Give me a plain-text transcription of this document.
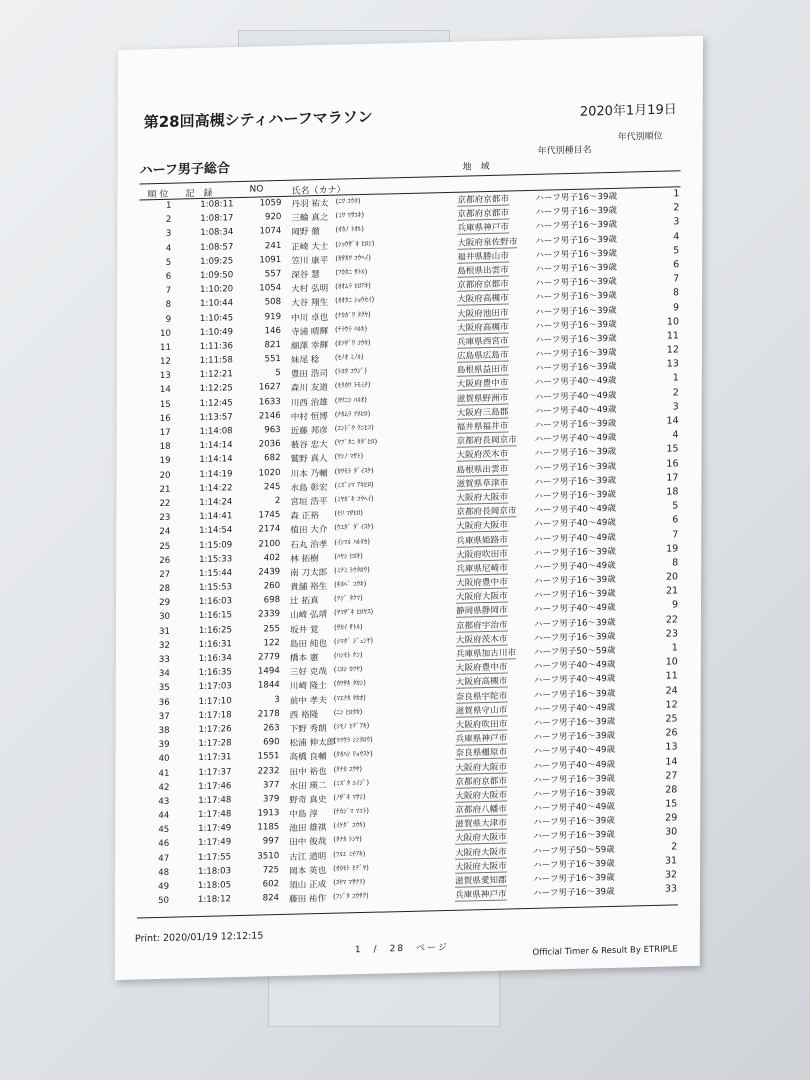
第28回高槻シティハーフマラソン	2020年1月19日
ハーフ男子総合	地　域
年代別種目名
年代別順位
順 位 記　録	NO	氏名（カナ）
1	1:08:11	1059 丹羽 祐太 (ﾆﾜ ﾕｳﾀ)	京都府京都市	ハーフ男子16～39歳	1
2	1:08:17	920 三輪 真之 (ﾐﾜ ﾏｻﾕｷ)	京都府京都市	ハーフ男子16～39歳	2
3	1:08:34	1074 岡野 徹 (ｵｶﾉ ﾄｵﾙ)	兵庫県神戸市	ハーフ男子16～39歳	3
4	1:08:57	241 正崎 大士 (ｼｮｳｻﾞｷ ﾋﾛｼ)	大阪府泉佐野市 ハーフ男子16～39歳	4
5	1:09:25	1091 笠川 康平 (ｶｻｶﾜ ｺｳﾍｲ)	福井県勝山市	ハーフ男子16～39歳	5
6	1:09:50	557 深谷 慧 (ﾌｶﾀﾆ ｻﾄﾙ)	島根県出雲市	ハーフ男子16～39歳	6
7	1:10:20	1054 大村 弘明 (ｵｵﾑﾗ ﾋﾛｱｷ)	京都府京都市	ハーフ男子16～39歳	7
8	1:10:44	508 大谷 翔生 (ｵｵﾀﾆ ｼｮｳｾｲ)	大阪府高槻市	ハーフ男子16～39歳	8
9	1:10:45	919 中川 卓也 (ﾅｶｶﾞﾜ ﾀｸﾔ)	大阪府池田市	ハーフ男子16～39歳	9
10	1:10:49	146 寺浦 晴輝 (ﾃﾗｳﾗ ﾊﾙｷ)	大阪府高槻市	ハーフ男子16～39歳	10
11	1:11:36	821 細澤 幸輝 (ﾎｿｻﾞﾜ ｺｳｷ)	兵庫県西宮市	ハーフ男子16～39歳	11
12	1:11:58	551 妹尾 稔 (ｾﾉｵ ﾐﾉﾙ)	広島県広島市	ハーフ男子16～39歳	12
13	1:12:21	5 豊田 浩司 (ﾄﾖﾀ ｺｳｼﾞ)	島根県益田市	ハーフ男子16～39歳	13
14	1:12:25	1627 森川 友道 (ﾓﾘｶﾜ ﾄﾓﾐﾁ)	大阪府豊中市	ハーフ男子40～49歳	1
15	1:12:45	1633 川西 治雄 (ｶﾜﾆｼ ﾊﾙｵ)	滋賀県野洲市	ハーフ男子40～49歳	2
16	1:13:57	2146 中村 恒博 (ﾅｶﾑﾗ ﾂﾈﾋﾛ)	大阪府三島郡	ハーフ男子40～49歳	3
17	1:14:08	963 近藤 邦彦 (ｺﾝﾄﾞｳ ｸﾆﾋｺ)	福井県福井市	ハーフ男子16～39歳	14
18	1:14:14	2036 薮谷 忠大 (ﾔﾌﾞﾀﾆ ﾀﾀﾞﾋﾛ)	京都府長岡京市 ハーフ男子40～49歳	4
19	1:14:14	682 鷲野 真人 (ﾜｼﾉ ﾏｻﾄ)	大阪府茨木市	ハーフ男子16～39歳	15
20	1:14:19	1020 川本 乃輔 (ｶﾜﾓﾄ ﾀﾞｲｽｹ)	島根県出雲市	ハーフ男子16～39歳	16
21	1:14:22	245 水島 彰宏 (ﾐｽﾞｼﾏ ｱｷﾋﾛ)	滋賀県草津市	ハーフ男子16～39歳	17
22	1:14:24	2 宮垣 浩平 (ﾐﾔｶﾞｷ ｺｳﾍｲ)	大阪府大阪市	ハーフ男子16～39歳	18
23	1:14:41	1745 森 正裕 (ﾓﾘ ﾏｻﾋﾛ)	京都府長岡京市 ハーフ男子40～49歳	5
24	1:14:54	2174 植田 大介 (ｳｴﾀﾞ ﾀﾞｲｽｹ)	大阪府大阪市	ハーフ男子40～49歳	6
25	1:15:09	2100 石丸 治孝 (ｲｼﾏﾙ ﾊﾙﾀｶ)	兵庫県姫路市	ハーフ男子40～49歳	7
26	1:15:33	402 林 拓樹 (ﾊﾔｼ ﾋﾛｷ)	大阪府吹田市	ハーフ男子16～39歳	19
27	1:15:44	2439 南 刀太郎 (ﾐﾅﾐ ﾄｳﾀﾛｳ)	兵庫県尼崎市	ハーフ男子40～49歳	8
28	1:15:53	260 貴舗 裕生 (ｷﾎﾍﾞ ﾕｳｷ)	大阪府豊中市	ハーフ男子16～39歳	20
29	1:16:03	698 辻 拓真 (ﾂｼﾞ ﾀｸﾏ)	大阪府大阪市	ハーフ男子16～39歳	21
30	1:16:15	2339 山崎 弘靖 (ﾔﾏｻﾞｷ ﾋﾛﾔｽ)	静岡県静岡市	ハーフ男子40～49歳	9
31	1:16:25	255 坂井 覚 (ｻｶｲ ｻﾄﾙ)	京都府宇治市	ハーフ男子16～39歳	22
32	1:16:31	122 島田 純也 (ｼﾏﾀﾞ ｼﾞｭﾝﾔ)	大阪府茨木市	ハーフ男子16～39歳	23
33	1:16:34	2779 橋本 憲 (ﾊｼﾓﾄ ｹﾝ)	兵庫県加古川市 ハーフ男子50～59歳	1
34	1:16:35	1494 三好 克哉 (ﾐﾖｼ ｶﾂﾔ)	大阪府豊中市	ハーフ男子40～49歳	10
35	1:17:03	1844 川崎 隆士 (ｶﾜｻｷ ﾀｶｼ)	大阪府高槻市	ハーフ男子40～49歳	11
36	1:17:10	3 前中 孝夫 (ﾏｴﾅｶ ﾀｶｵ)	奈良県宇陀市	ハーフ男子16～39歳	24
37	1:17:18	2178 西 裕隆 (ﾆｼ ﾋﾛﾀｶ)	滋賀県守山市	ハーフ男子40～49歳	12
38	1:17:26	263 下野 秀朗 (ｼﾓﾉ ﾋﾃﾞｱｷ)	大阪府吹田市	ハーフ男子16～39歳	25
39	1:17:28	690 松浦 伸太郎
(ﾏﾂｳﾗ ｼﾝﾀﾛｳ)	兵庫県神戸市	ハーフ男子16～39歳	26
40	1:17:31	1551 高橋 良輔 (ﾀｶﾊｼ ﾘｮｳｽｹ)	奈良県橿原市	ハーフ男子40～49歳	13
41	1:17:37	2232 田中 裕也 (ﾀﾅｶ ﾕｳﾔ)	大阪府大阪市	ハーフ男子40～49歳	14
42	1:17:46	377 水田 瑛二 (ﾐｽﾞﾀ ｴｲｼﾞ)	京都府京都市	ハーフ男子16～39歳	27
43	1:17:48	379 野奇 真史 (ﾉｻﾞｷ ﾏｻｼ)	大阪府大阪市	ハーフ男子16～39歳	28
44	1:17:48	1913 中島 淳 (ﾅｶｼﾞﾏ ﾏｺﾄ)	京都府八幡市	ハーフ男子40～49歳	15
45	1:17:49	1185 池田 雄祺 (ｲｹﾀﾞ ﾕｳｷ)	滋賀県大津市	ハーフ男子16～39歳	29
46	1:17:49	997 田中 俊哉 (ﾀﾅｶ ﾄｼﾔ)	大阪府大阪市	ハーフ男子16～39歳	30
47	1:17:55	3510 古江 道明 (ﾌﾙｴ ﾐﾁｱｷ)	大阪府大阪市	ハーフ男子50～59歳	2
48	1:18:03	725 岡本 英也 (ｵｶﾓﾄ ﾋﾃﾞﾔ)	大阪府大阪市	ハーフ男子16～39歳	31
49	1:18:05	602 須山 正成 (ｽﾔﾏ ﾏｻﾅﾘ)	滋賀県愛知郡	ハーフ男子16～39歳	32
50	1:18:12	824 藤田 祐作 (ﾌｼﾞﾀ ﾕｳｻｸ)	兵庫県神戸市	ハーフ男子16～39歳	33
Print: 2020/01/19 12:12:15
1　/　28　ページ	Official Timer & Result By ETRIPLE
